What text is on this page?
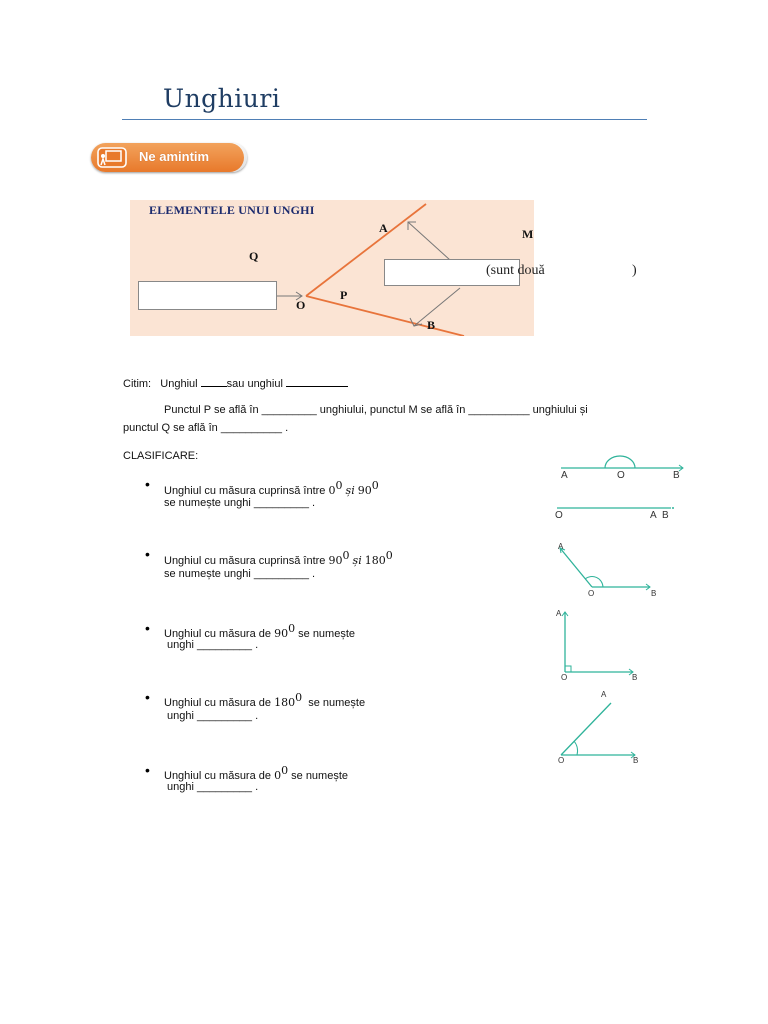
Unghiuri
Ne amintim
ELEMENTELE UNUI UNGHI
A	M
Q
P
O
B
(sunt două	)
Citim: Unghiul	sau unghiul
Punctul P se află în _________ unghiului, punctul M se află în __________ unghiului și
punctul Q se află în __________ .
CLASIFICARE:
• Unghiul cu măsura cuprinsă între $0^0$ și $90^0$
se numește unghi _________ .
• Unghiul cu măsura cuprinsă între $90^0$ și $180^0$
se numește unghi _________ .
• Unghiul cu măsura de $90^0$ se numește
unghi _________ .
• Unghiul cu măsura de $180^0$ se numește
unghi _________ .
• Unghiul cu măsura de $0^0$ se numește
unghi _________ .
A	O	B
O	A B
A
O	B
A
O	B
A
O	B
